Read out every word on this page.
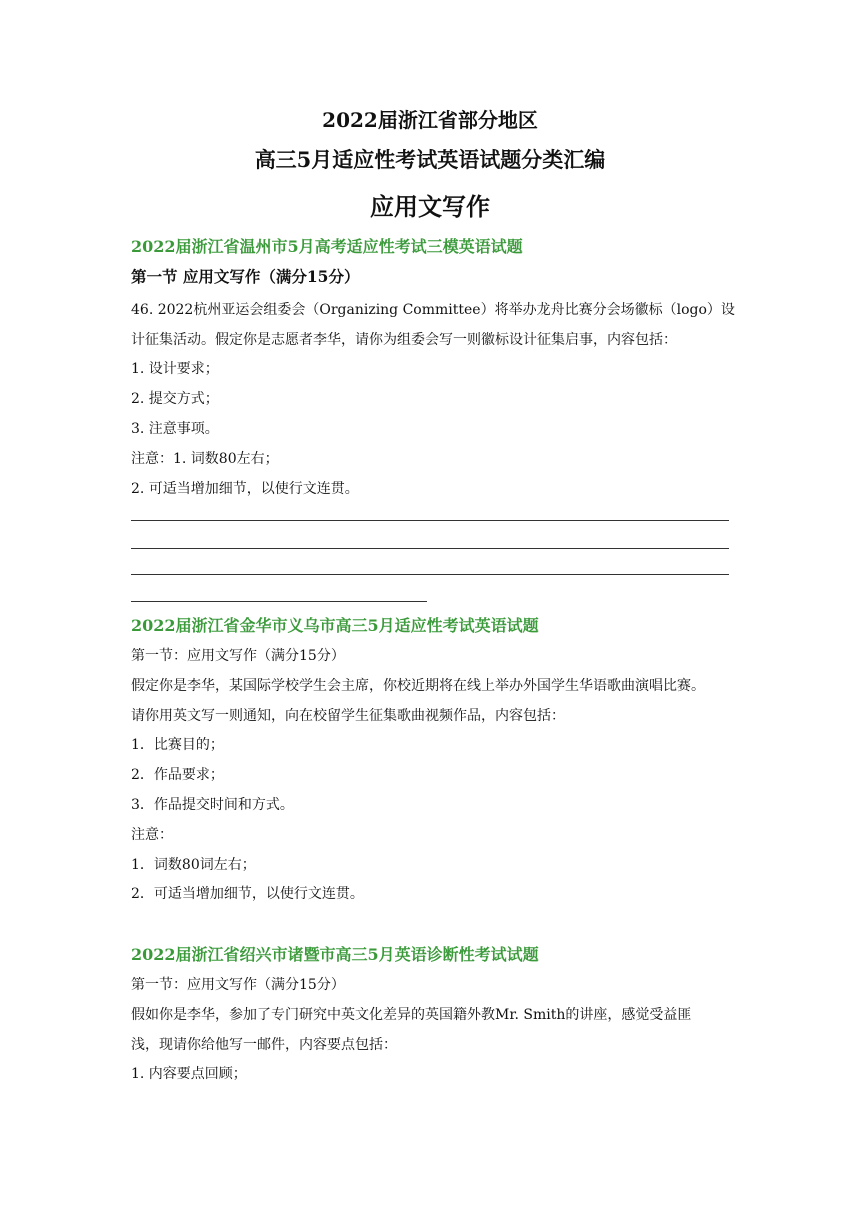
2022届浙江省部分地区
高三5月适应性考试英语试题分类汇编
应用文写作
2022届浙江省温州市5月高考适应性考试三模英语试题
第一节 应用文写作（满分15分）
46. 2022杭州亚运会组委会（Organizing Committee）将举办龙舟比赛分会场徽标（logo）设
计征集活动。假定你是志愿者李华，请你为组委会写一则徽标设计征集启事，内容包括：
1. 设计要求；
2. 提交方式；
3. 注意事项。
注意：1. 词数80左右；
2. 可适当增加细节，以使行文连贯。
2022届浙江省金华市义乌市高三5月适应性考试英语试题
第一节：应用文写作（满分15分）
假定你是李华，某国际学校学生会主席，你校近期将在线上举办外国学生华语歌曲演唱比赛。
请你用英文写一则通知，向在校留学生征集歌曲视频作品，内容包括：
1．比赛目的；
2．作品要求；
3．作品提交时间和方式。
注意：
1．词数80词左右；
2．可适当增加细节，以使行文连贯。
2022届浙江省绍兴市诸暨市高三5月英语诊断性考试试题
第一节：应用文写作（满分15分）
假如你是李华，参加了专门研究中英文化差异的英国籍外教Mr. Smith的讲座，感觉受益匪
浅，现请你给他写一邮件，内容要点包括：
1. 内容要点回顾；
